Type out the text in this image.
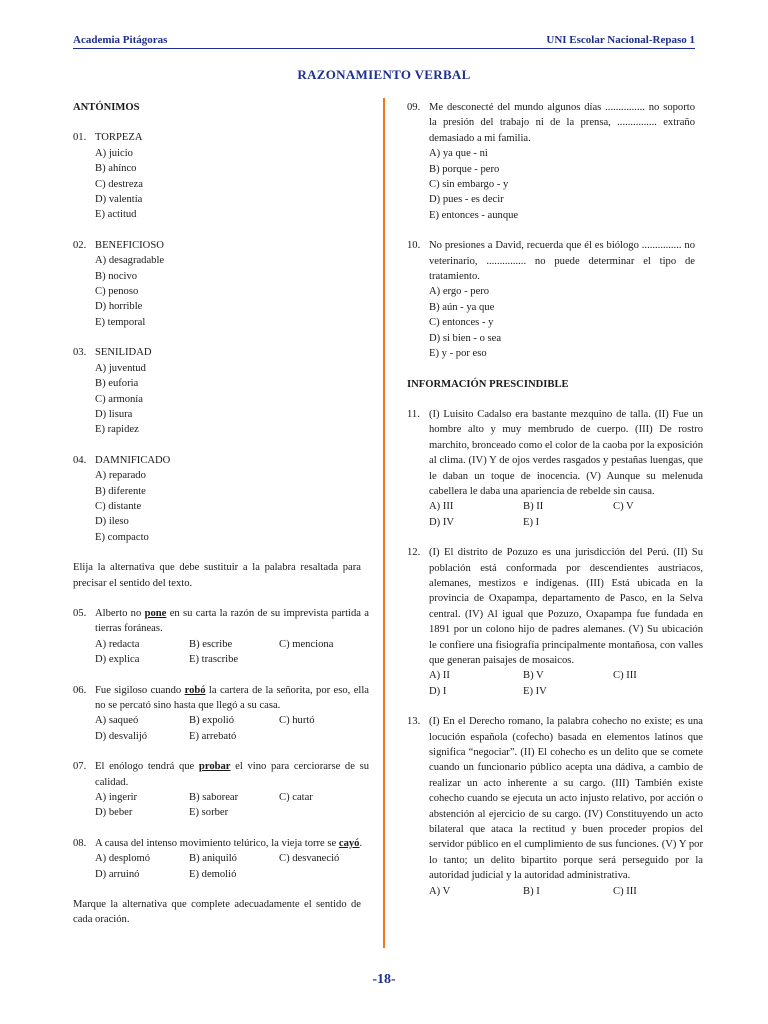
Academia Pitágoras	UNI Escolar Nacional-Repaso 1
RAZONAMIENTO VERBAL
ANTÓNIMOS
01. TORPEZA
A) juicio
B) ahínco
C) destreza
D) valentía
E) actitud
02. BENEFICIOSO
A) desagradable
B) nocivo
C) penoso
D) horrible
E) temporal
03. SENILIDAD
A) juventud
B) euforia
C) armonía
D) lisura
E) rapidez
04. DAMNIFICADO
A) reparado
B) diferente
C) distante
D) ileso
E) compacto
Elija la alternativa que debe sustituir a la palabra resaltada para precisar el sentido del texto.
05. Alberto no pone en su carta la razón de su imprevista partida a tierras foráneas.
A) redacta	B) escribe	C) menciona
D) explica	E) trascribe
06. Fue sigiloso cuando robó la cartera de la señorita, por eso, ella no se percató sino hasta que llegó a su casa.
A) saqueó	B) expolió	C) hurtó
D) desvalijó	E) arrebató
07. El enólogo tendrá que probar el vino para cerciorarse de su calidad.
A) ingerir	B) saborear	C) catar
D) beber	E) sorber
08. A causa del intenso movimiento telúrico, la vieja torre se cayó.
A) desplomó	B) aniquiló	C) desvaneció
D) arruinó	E) demolió
Marque la alternativa que complete adecuadamente el sentido de cada oración.
09. Me desconecté del mundo algunos días ............... no soporto la presión del trabajo ni de la prensa, ............... extraño demasiado a mi familia.
A) ya que - ni
B) porque - pero
C) sin embargo - y
D) pues - es decir
E) entonces - aunque
10. No presiones a David, recuerda que él es biólogo ............... no veterinario, ............... no puede determinar el tipo de tratamiento.
A) ergo - pero
B) aún - ya que
C) entonces - y
D) si bien - o sea
E) y - por eso
INFORMACIÓN PRESCINDIBLE
11. (I) Luisito Cadalso era bastante mezquino de talla. (II) Fue un hombre alto y muy membrudo de cuerpo. (III) De rostro marchito, bronceado como el color de la caoba por la exposición al clima. (IV) Y de ojos verdes rasgados y pestañas luengas, que le daban un toque de inocencia. (V) Aunque su melenuda cabellera le daba una apariencia de rebelde sin causa.
A) III	B) II	C) V
D) IV	E) I
12. (I) El distrito de Pozuzo es una jurisdicción del Perú. (II) Su población está conformada por descendientes austriacos, alemanes, mestizos e indígenas. (III) Está ubicada en la provincia de Oxapampa, departamento de Pasco, en la Selva central. (IV) Al igual que Pozuzo, Oxapampa fue fundada en 1891 por un colono hijo de padres alemanes. (V) Su ubicación le confiere una fisiografía principalmente montañosa, con valles que generan paisajes de mosaicos.
A) II	B) V	C) III
D) I	E) IV
13. (I) En el Derecho romano, la palabra cohecho no existe; es una locución española (cofecho) basada en elementos latinos que significa “negociar”. (II) El cohecho es un delito que se comete cuando un funcionario público acepta una dádiva, a cambio de realizar un acto inherente a su cargo. (III) También existe cohecho cuando se ejecuta un acto injusto relativo, por acción o abstención al ejercicio de su cargo. (IV) Constituyendo un acto bilateral que ataca la rectitud y buen proceder propios del servidor público en el cumplimiento de sus funciones. (V) Y por lo tanto; un delito bipartito porque será perseguido por la autoridad judicial y la autoridad administrativa.
A) V	B) I	C) III
-18-
